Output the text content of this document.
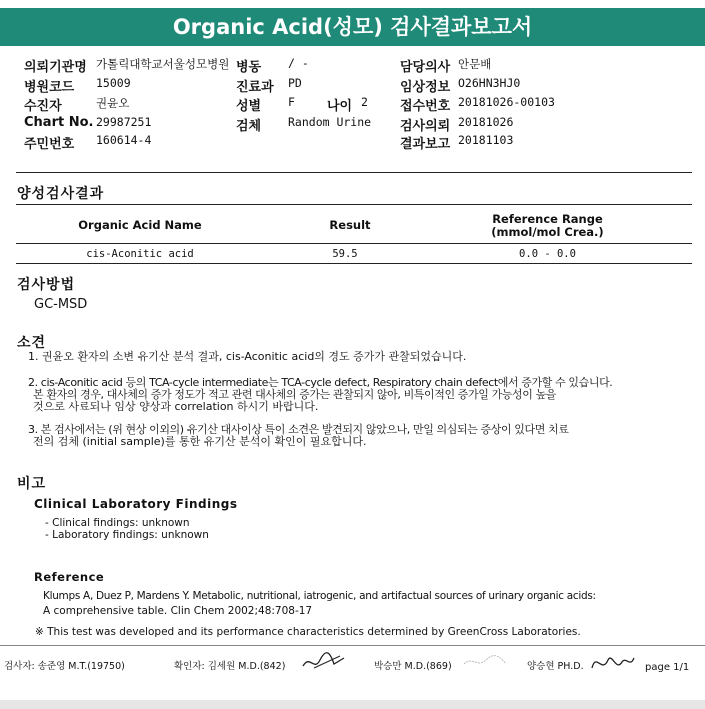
Organic Acid(성모) 검사결과보고서
의뢰기관명 가톨릭대학교서울성모병원
병원코드 15009
수진자	권윤오
Chart No. 29987251
주민번호 160614-4
병동 / -
진료과 PD
성별 F
검체 Random Urine
나이 2
담당의사 안문배
임상정보 O26HN3HJ0
접수번호 20181026-00103
검사의뢰 20181026
결과보고 20181103
양성검사결과
Organic Acid Name	Result	Reference Range
(mmol/mol Crea.)
cis-Aconitic acid	59.5	0.0 - 0.0
검사방법
GC-MSD
소견
1. 권윤오 환자의 소변 유기산 분석 결과, cis-Aconitic acid의 경도 증가가 관찰되었습니다.
2. cis-Aconitic acid 등의 TCA-cycle intermediate는 TCA-cycle defect, Respiratory chain defect에서 증가할 수 있습니다.
본 환자의 경우, 대사체의 증가 정도가 적고 관련 대사체의 증가는 관찰되지 않아, 비특이적인 증가일 가능성이 높을
것으로 사료되나 임상 양상과 correlation 하시기 바랍니다.
3. 본 검사에서는 (위 현상 이외의) 유기산 대사이상 특이 소견은 발견되지 않았으나, 만일 의심되는 증상이 있다면 치료
전의 검체 (initial sample)를 통한 유기산 분석이 확인이 필요합니다.
비고
Clinical Laboratory Findings
- Clinical findings: unknown
- Laboratory findings: unknown
Reference
Klumps A, Duez P, Mardens Y. Metabolic, nutritional, iatrogenic, and artifactual sources of urinary organic acids:
A comprehensive table. Clin Chem 2002;48:708-17
※ This test was developed and its performance characteristics determined by GreenCross Laboratories.
검사자: 송준영 M.T.(19750)	확인자: 김세원 M.D.(842)	박승만 M.D.(869)	양승현 PH.D.	page 1/1
